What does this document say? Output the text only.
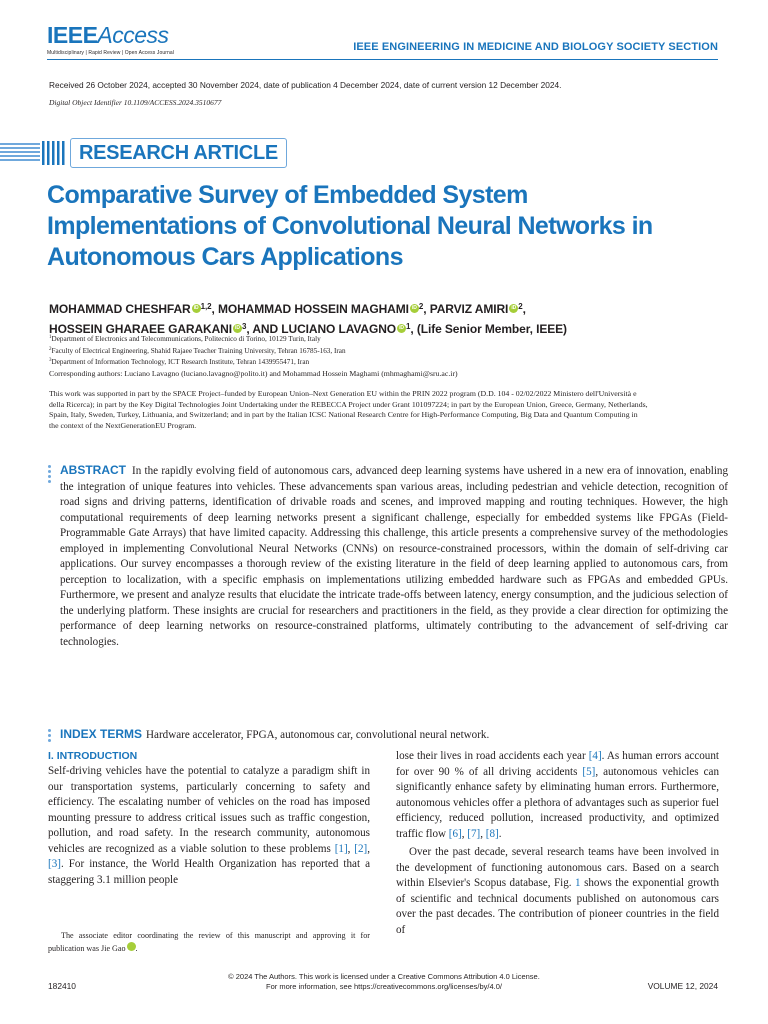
IEEEAccess
Multidisciplinary | Rapid Review | Open Access Journal	IEEE ENGINEERING IN MEDICINE AND BIOLOGY SOCIETY SECTION
Received 26 October 2024, accepted 30 November 2024, date of publication 4 December 2024, date of current version 12 December 2024.
Digital Object Identifier 10.1109/ACCESS.2024.3510677
RESEARCH ARTICLE
Comparative Survey of Embedded System Implementations of Convolutional Neural Networks in Autonomous Cars Applications
MOHAMMAD CHESHFAR iD $^{1,2}$, MOHAMMAD HOSSEIN MAGHAMI iD $^2$, PARVIZ AMIRI iD $^2$,
HOSSEIN GHARAEE GARAKANI iD $^3$, AND LUCIANO LAVAGNO iD $^1$, (Life Senior Member, IEEE)
$^1$Department of Electronics and Telecommunications, Politecnico di Torino, 10129 Turin, Italy
$^2$Faculty of Electrical Engineering, Shahid Rajaee Teacher Training University, Tehran 16785-163, Iran
$^3$Department of Information Technology, ICT Research Institute, Tehran 1439955471, Iran
Corresponding authors: Luciano Lavagno (luciano.lavagno@polito.it) and Mohammad Hossein Maghami (mhmaghami@sru.ac.ir)
This work was supported in part by the SPACE Project–funded by European Union–Next Generation EU within the PRIN 2022 program (D.D. 104 - 02/02/2022 Ministero dell'Università e della Ricerca); in part by the Key Digital Technologies Joint Undertaking under the REBECCA Project under Grant 101097224; in part by the European Union, Greece, Germany, Netherlands, Spain, Italy, Sweden, Turkey, Lithuania, and Switzerland; and in part by the Italian ICSC National Research Centre for High-Performance Computing, Big Data and Quantum Computing in the context of the NextGenerationEU Program.
ABSTRACT In the rapidly evolving field of autonomous cars, advanced deep learning systems have ushered in a new era of innovation, enabling the integration of unique features into vehicles. These advancements span various areas, including pedestrian and vehicle detection, recognition of road signs and driving patterns, identification of drivable roads and scenes, and improved mapping and routing techniques. However, the high computational requirements of deep learning networks present a significant challenge, especially for embedded systems like FPGAs (Field-Programmable Gate Arrays) that have limited capacity. Addressing this challenge, this article presents a comprehensive survey of the methodologies employed in implementing Convolutional Neural Networks (CNNs) on resource-constrained processors, within the domain of self-driving car applications. Our survey encompasses a thorough review of the existing literature in the field of deep learning applied to autonomous cars, from perception to localization, with a specific emphasis on implementations utilizing embedded hardware such as FPGAs and embedded GPUs. Furthermore, we present and analyze results that elucidate the intricate trade-offs between latency, energy consumption, and the judicious selection of the underlying platform. These insights are crucial for researchers and practitioners in the field, as they provide a clear direction for optimizing the performance of deep learning networks on resource-constrained platforms, ultimately contributing to the advancement of self-driving car technologies.
INDEX TERMS Hardware accelerator, FPGA, autonomous car, convolutional neural network.
I. INTRODUCTION

Self-driving vehicles have the potential to catalyze a paradigm shift in our transportation systems, particularly concerning to safety and efficiency. The escalating number of vehicles on the road has imposed mounting pressure to address critical issues such as traffic congestion, pollution, and road safety. In the research community, autonomous vehicles are recognized as a viable solution to these problems [1], [2], [3]. For instance, the World Health Organization has reported that a staggering 3.1 million people

The associate editor coordinating the review of this manuscript and approving it for publication was Jie Gao	iD.

lose their lives in road accidents each year [4]. As human errors account for over 90 % of all driving accidents [5], autonomous vehicles can significantly enhance safety by eliminating human errors. Furthermore, autonomous vehicles offer a plethora of advantages such as superior fuel efficiency, reduced pollution, increased productivity, and optimized traffic flow [6], [7], [8].

Over the past decade, several research teams have been involved in the development of functioning autonomous cars. Based on a search within Elsevier's Scopus database, Fig. 1 shows the exponential growth of scientific and technical documents published on autonomous cars over the past decades. The contribution of pioneer countries in the field of

© 2024 The Authors. This work is licensed under a Creative Commons Attribution 4.0 License.
For more information, see https://creativecommons.org/licenses/by/4.0/
182410	VOLUME 12, 2024
